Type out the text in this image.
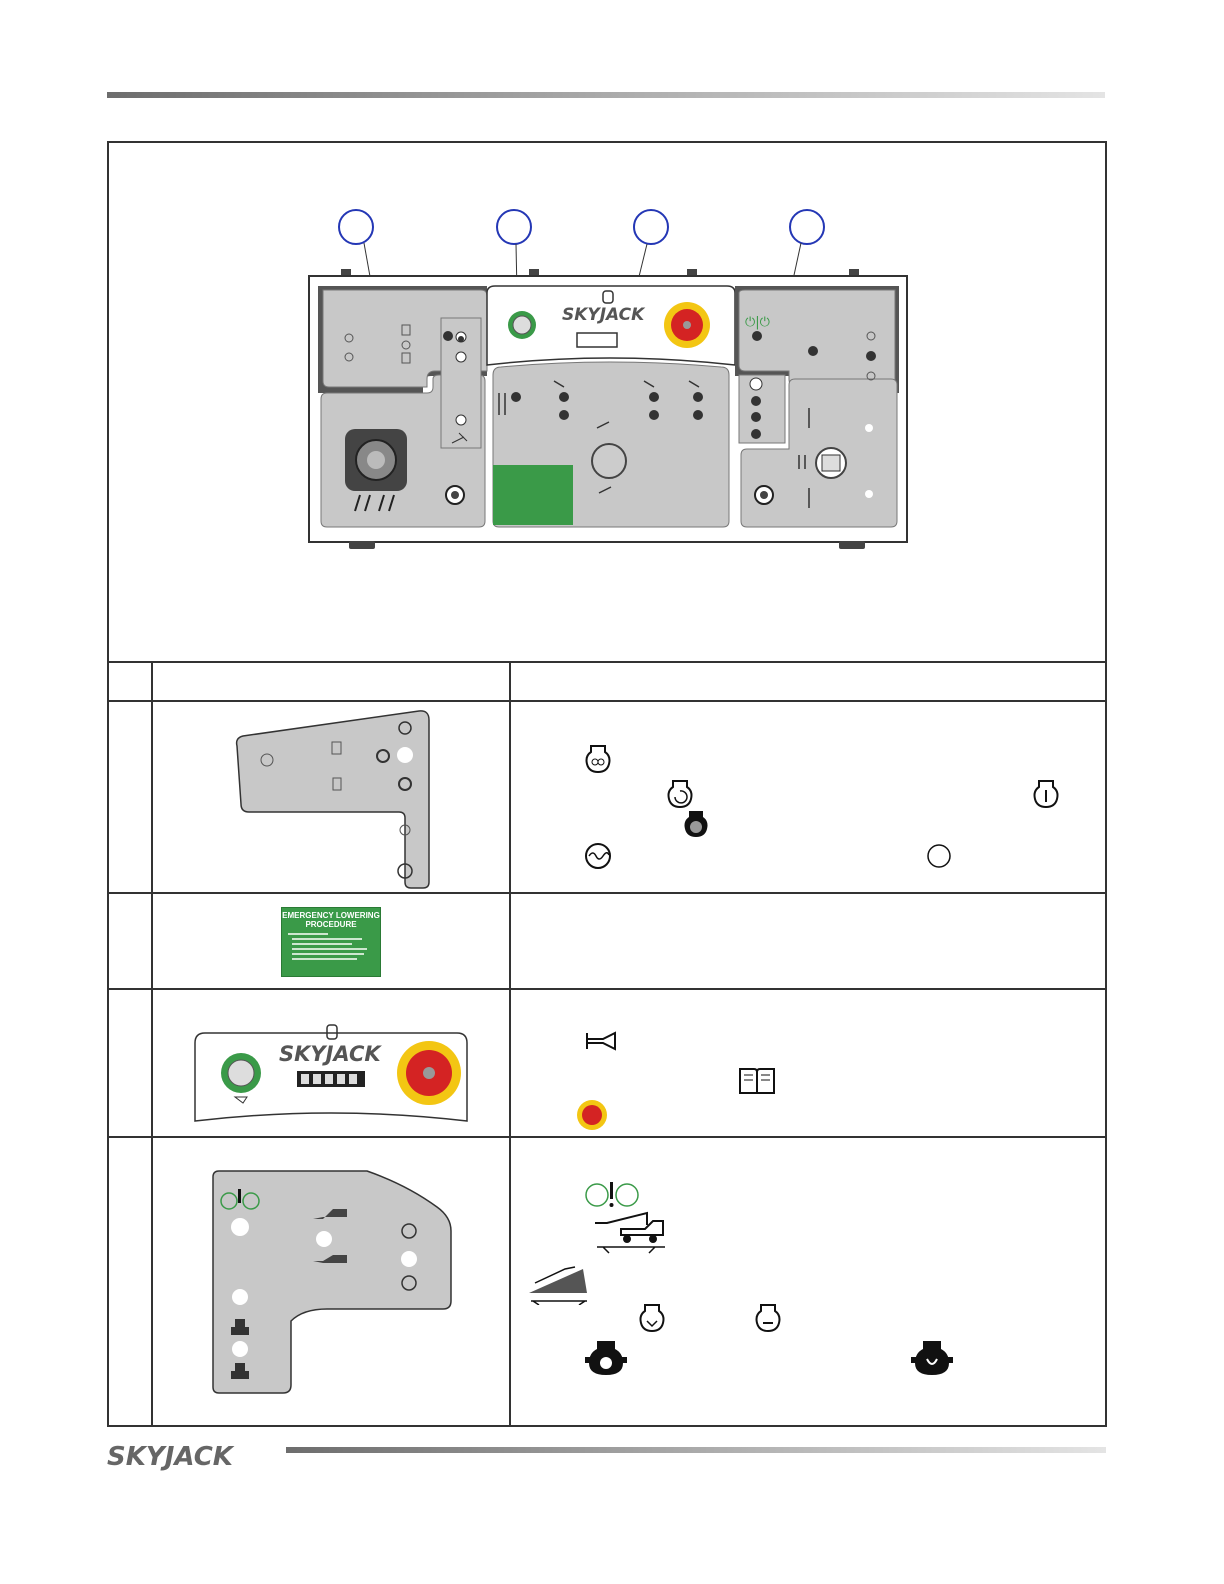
SKYJACK	⏻|⏻
EMERGENCY LOWERING
PROCEDURE
SKYJACK
SKYJACK
